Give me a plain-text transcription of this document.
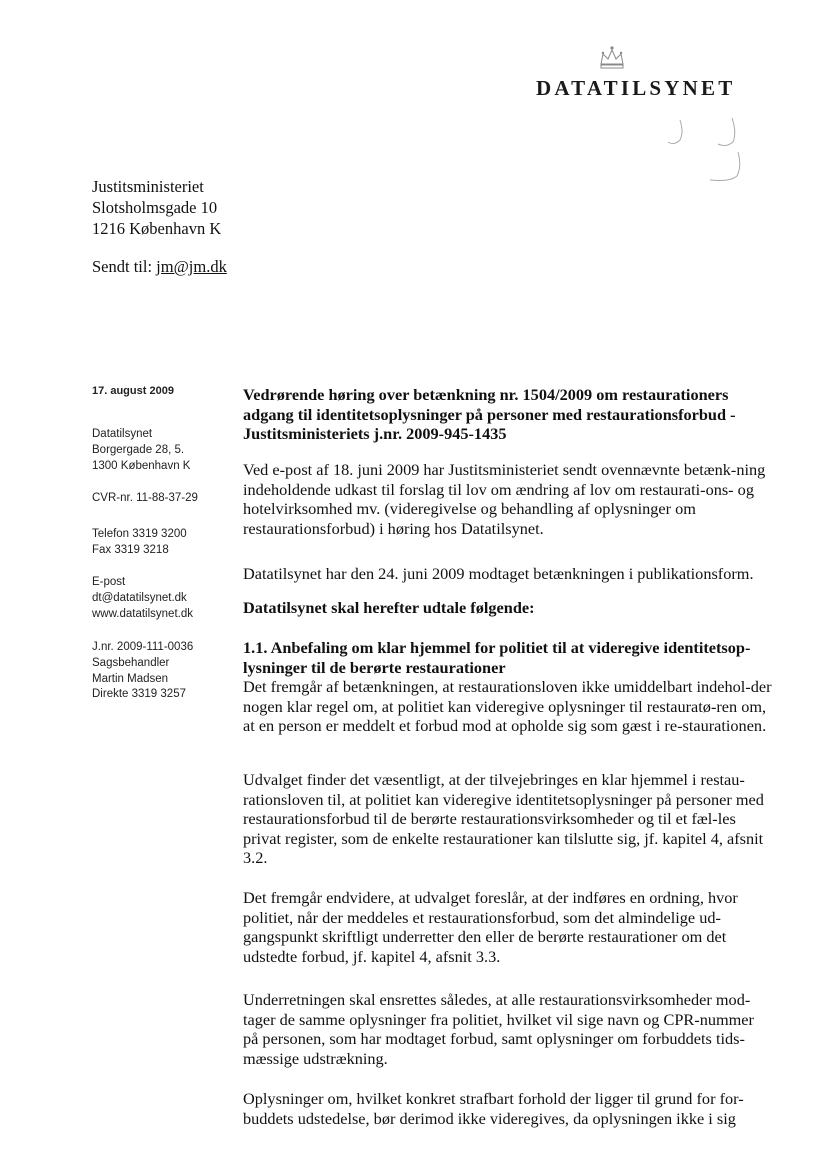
DATATILSYNET
Justitsministeriet
Slotsholmsgade 10
1216 København K
Sendt til: jm@jm.dk
17. august 2009
Datatilsynet
Borgergade 28, 5.
1300 København K
CVR-nr. 11-88-37-29
Telefon 3319 3200
Fax 3319 3218
E-post
dt@datatilsynet.dk
www.datatilsynet.dk
J.nr. 2009-111-0036
Sagsbehandler
Martin Madsen
Direkte 3319 3257
Vedrørende høring over betænkning nr. 1504/2009 om restaurationers
adgang til identitetsoplysninger på personer med restaurationsforbud -
Justitsministeriets j.nr. 2009-945-1435

Ved e-post af 18. juni 2009 har Justitsministeriet sendt ovennævnte betænk-ning indeholdende udkast til forslag til lov om ændring af lov om restaurati-ons- og hotelvirksomhed mv. (videregivelse og behandling af oplysninger om restaurationsforbud) i høring hos Datatilsynet.

Datatilsynet har den 24. juni 2009 modtaget betænkningen i publikationsform.

Datatilsynet skal herefter udtale følgende:
1.1. Anbefaling om klar hjemmel for politiet til at videregive identitetsop-
lysninger til de berørte restaurationer

Det fremgår af betænkningen, at restaurationsloven ikke umiddelbart indehol-der nogen klar regel om, at politiet kan videregive oplysninger til restauratø-ren om, at en person er meddelt et forbud mod at opholde sig som gæst i re-staurationen.

Udvalget finder det væsentligt, at der tilvejebringes en klar hjemmel i restau-rationsloven til, at politiet kan videregive identitetsoplysninger på personer med restaurationsforbud til de berørte restaurationsvirksomheder og til et fæl-les privat register, som de enkelte restaurationer kan tilslutte sig, jf. kapitel 4, afsnit 3.2.

Det fremgår endvidere, at udvalget foreslår, at der indføres en ordning, hvor politiet, når der meddeles et restaurationsforbud, som det almindelige ud-gangspunkt skriftligt underretter den eller de berørte restaurationer om det udstedte forbud, jf. kapitel 4, afsnit 3.3.

Underretningen skal ensrettes således, at alle restaurationsvirksomheder mod-tager de samme oplysninger fra politiet, hvilket vil sige navn og CPR-nummer på personen, som har modtaget forbud, samt oplysninger om forbuddets tids-mæssige udstrækning.

Oplysninger om, hvilket konkret strafbart forhold der ligger til grund for for-buddets udstedelse, bør derimod ikke videregives, da oplysningen ikke i sig
